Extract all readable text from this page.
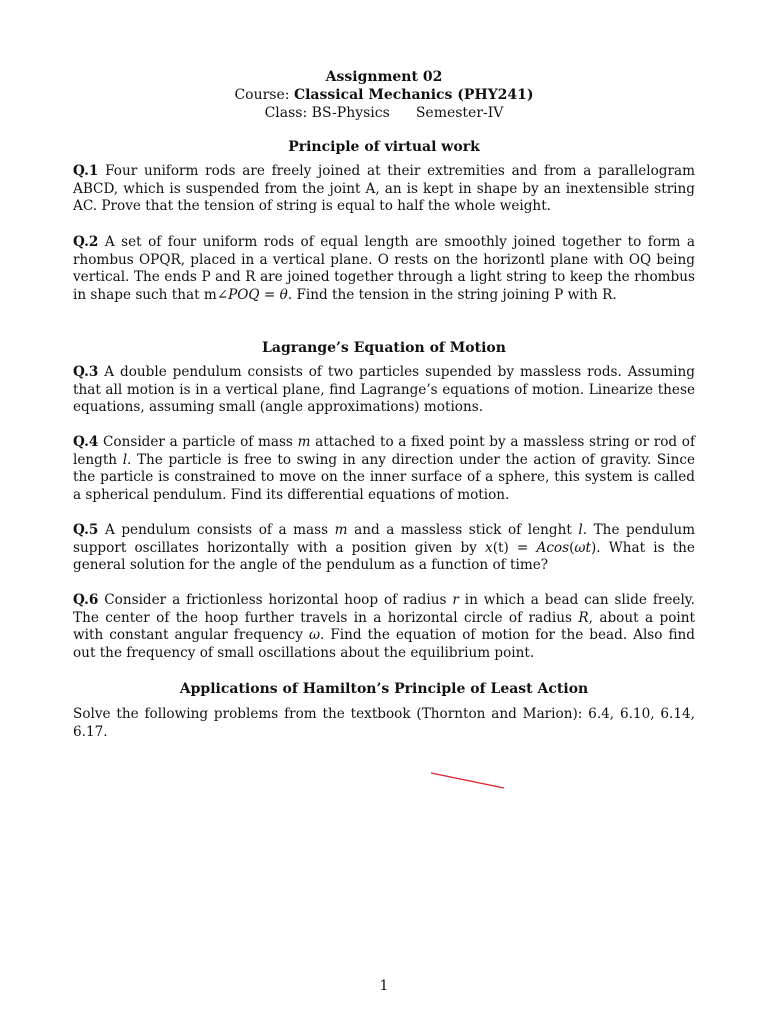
Assignment 02
Course: Classical Mechanics (PHY241)
Class: BS-Physics Semester-IV
Principle of virtual work
Q.1 Four uniform rods are freely joined at their extremities and from a parallelogram ABCD, which is suspended from the joint A, an is kept in shape by an inextensible string AC. Prove that the tension of string is equal to half the whole weight.
Q.2 A set of four uniform rods of equal length are smoothly joined together to form a rhombus OPQR, placed in a vertical plane. O rests on the horizontl plane with OQ being vertical. The ends P and R are joined together through a light string to keep the rhombus in shape such that m∠POQ = θ. Find the tension in the string joining P with R.
Lagrange’s Equation of Motion
Q.3 A double pendulum consists of two particles supended by massless rods. Assuming that all motion is in a vertical plane, find Lagrange’s equations of motion. Linearize these equations, assuming small (angle approximations) motions.
Q.4 Consider a particle of mass m attached to a fixed point by a massless string or rod of length l. The particle is free to swing in any direction under the action of gravity. Since the particle is constrained to move on the inner surface of a sphere, this system is called a spherical pendulum. Find its differential equations of motion.
Q.5 A pendulum consists of a mass m and a massless stick of lenght l. The pendulum support oscillates horizontally with a position given by x(t) = Acos(ωt). What is the general solution for the angle of the pendulum as a function of time?
Q.6 Consider a frictionless horizontal hoop of radius r in which a bead can slide freely. The center of the hoop further travels in a horizontal circle of radius R, about a point with constant angular frequency ω. Find the equation of motion for the bead. Also find out the frequency of small oscillations about the equilibrium point.
Applications of Hamilton’s Principle of Least Action
Solve the following problems from the textbook (Thornton and Marion): 6.4, 6.10, 6.14, 6.17.
1
